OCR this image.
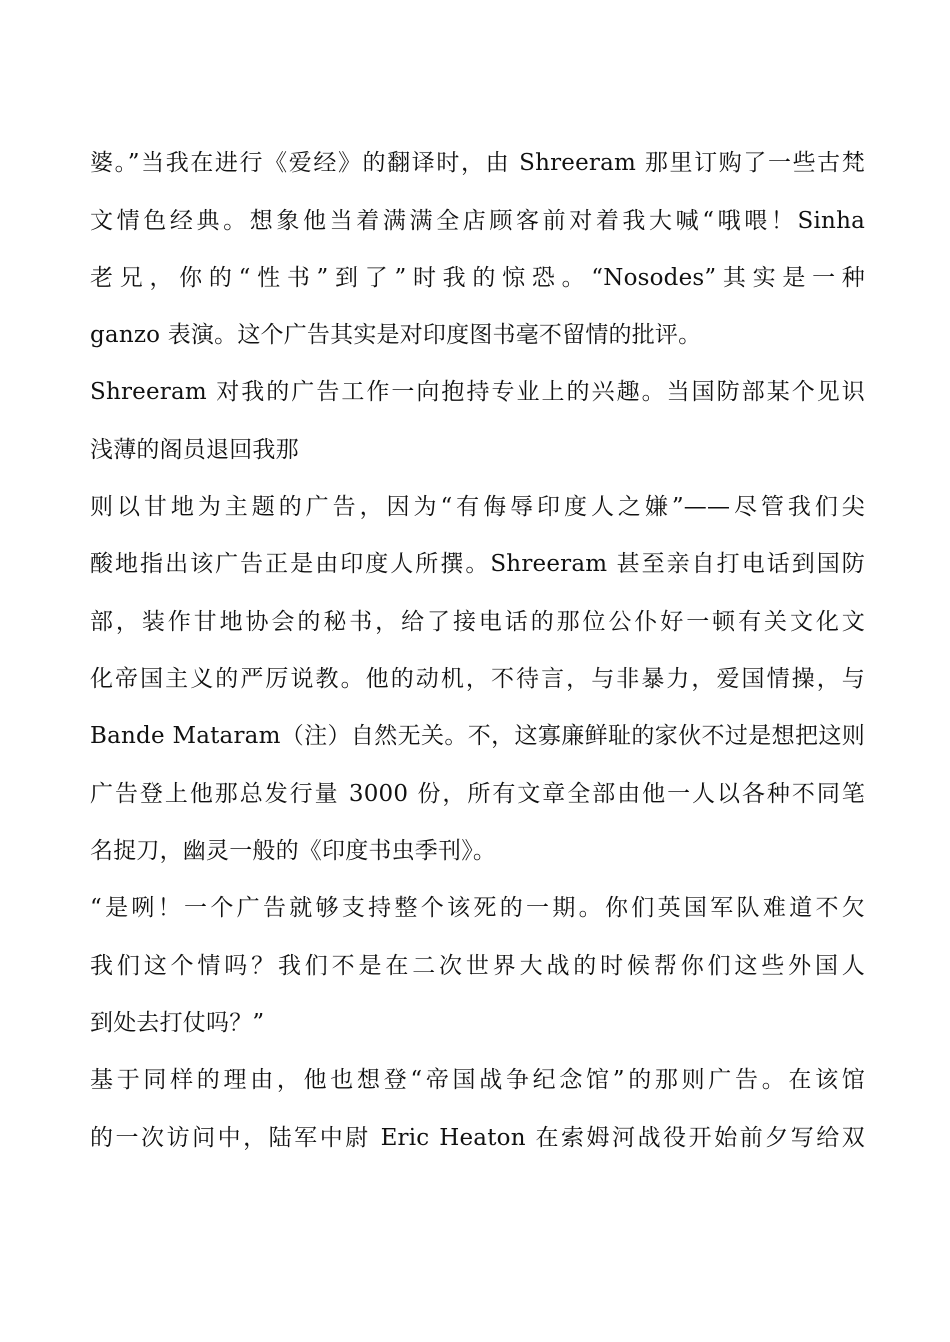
婆。”当我在进行《爱经》的翻译时，由 Shreeram 那里订购了一些古梵
文情色经典。想象他当着满满全店顾客前对着我大喊“哦喂！Sinha
老兄，你的“性书”到了”时我的惊恐。“Nosodes”其实是一种
ganzo 表演。这个广告其实是对印度图书毫不留情的批评。
Shreeram 对我的广告工作一向抱持专业上的兴趣。当国防部某个见识
浅薄的阁员退回我那
则以甘地为主题的广告，因为“有侮辱印度人之嫌”——尽管我们尖
酸地指出该广告正是由印度人所撰。Shreeram 甚至亲自打电话到国防
部，装作甘地协会的秘书，给了接电话的那位公仆好一顿有关文化文
化帝国主义的严厉说教。他的动机，不待言，与非暴力，爱国情操，与
Bande Mataram（注）自然无关。不，这寡廉鲜耻的家伙不过是想把这则
广告登上他那总发行量 3000 份，所有文章全部由他一人以各种不同笔
名捉刀，幽灵一般的《印度书虫季刊》。
“是咧！一个广告就够支持整个该死的一期。你们英国军队难道不欠
我们这个情吗？我们不是在二次世界大战的时候帮你们这些外国人
到处去打仗吗？”
基于同样的理由，他也想登“帝国战争纪念馆”的那则广告。在该馆
的一次访问中，陆军中尉 Eric Heaton 在索姆河战役开始前夕写给双
